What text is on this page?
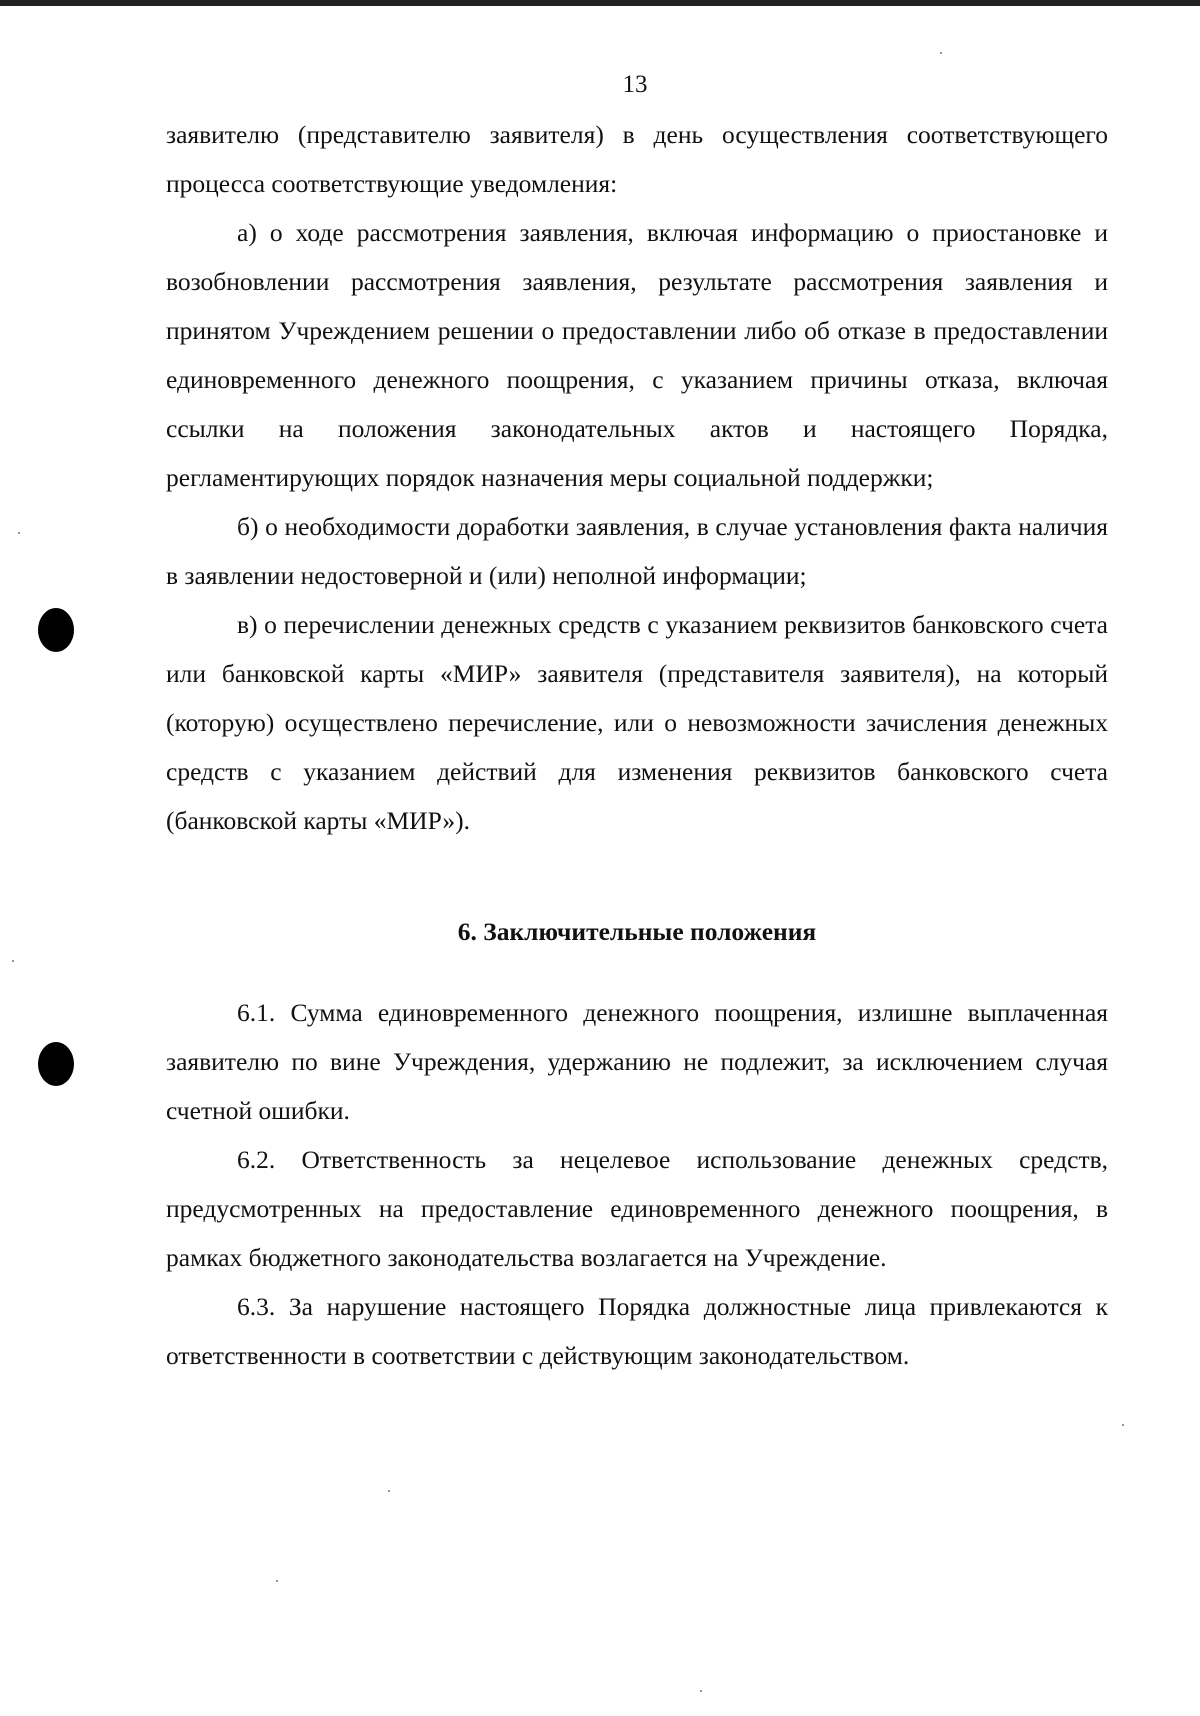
13

заявителю (представителю заявителя) в день осуществления соответствующего процесса соответствующие уведомления:

а) о ходе рассмотрения заявления, включая информацию о приостановке и возобновлении рассмотрения заявления, результате рассмотрения заявления и принятом Учреждением решении о предоставлении либо об отказе в предоставлении единовременного денежного поощрения, с указанием причины отказа, включая ссылки на положения законодательных актов и настоящего Порядка, регламентирующих порядок назначения меры социальной поддержки;

б) о необходимости доработки заявления, в случае установления факта наличия в заявлении недостоверной и (или) неполной информации;

в) о перечислении денежных средств с указанием реквизитов банковского счета или банковской карты «МИР» заявителя (представителя заявителя), на который (которую) осуществлено перечисление, или о невозможности зачисления денежных средств с указанием действий для изменения реквизитов банковского счета (банковской карты «МИР»).

6. Заключительные положения

6.1. Сумма единовременного денежного поощрения, излишне выплаченная заявителю по вине Учреждения, удержанию не подлежит, за исключением случая счетной ошибки.

6.2. Ответственность за нецелевое использование денежных средств, предусмотренных на предоставление единовременного денежного поощрения, в рамках бюджетного законодательства возлагается на Учреждение.

6.3. За нарушение настоящего Порядка должностные лица привлекаются к ответственности в соответствии с действующим законодательством.
